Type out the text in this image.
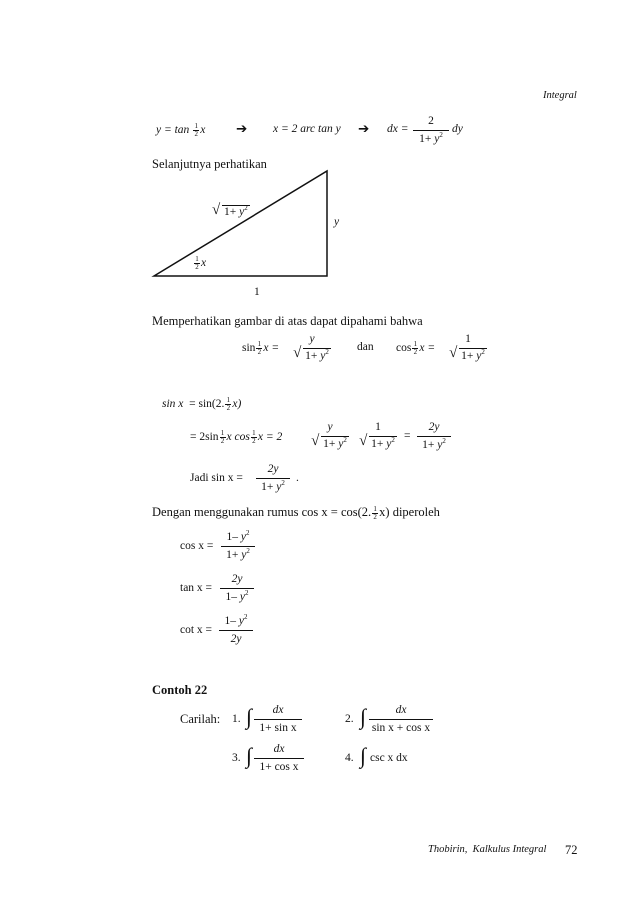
Integral
$y = \tan \frac{1}{2}$ x ➔ x = 2 arc tan y ➔ dx =
2
$1+ y^2$
dy
Selanjutnya perhatikan
√ $1+ y^2$
y
$\frac{1}{2}$ x
1
Memperhatikan gambar di atas dapat dipahami bahwa
$\sin \frac{1}{2}$ x =
y
√ $1+ y^2$	dan $\cos \frac{1}{2}$ x =
1
√ $1+ y^2$
sin x = sin(2. $\frac{1}{2} x$)
= $2\sin \frac{1}{2}$ x $\cos \frac{1}{2}$ x = 2
y
√ $1+ y^2$
1
√ $1+ y^2$ =
2y
$1+ y^2$
Jadi sin x =
2y
$1+ y^2$ .
Dengan menggunakan rumus cos x = cos(2. $\frac{1}{2} x$) diperoleh
cos x =
1– $y^2$
$1+ y^2$
tan x =
2y
1– $y^2$
cot x =
1– $y^2$
2y
Contoh 22
Carilah: 1. ∫	dx
1+ sin x
2. ∫	dx
sin x + cos x
3. ∫	dx
1+ cos x
4. ∫ csc x dx
Thobirin, Kalkulus Integral 72
